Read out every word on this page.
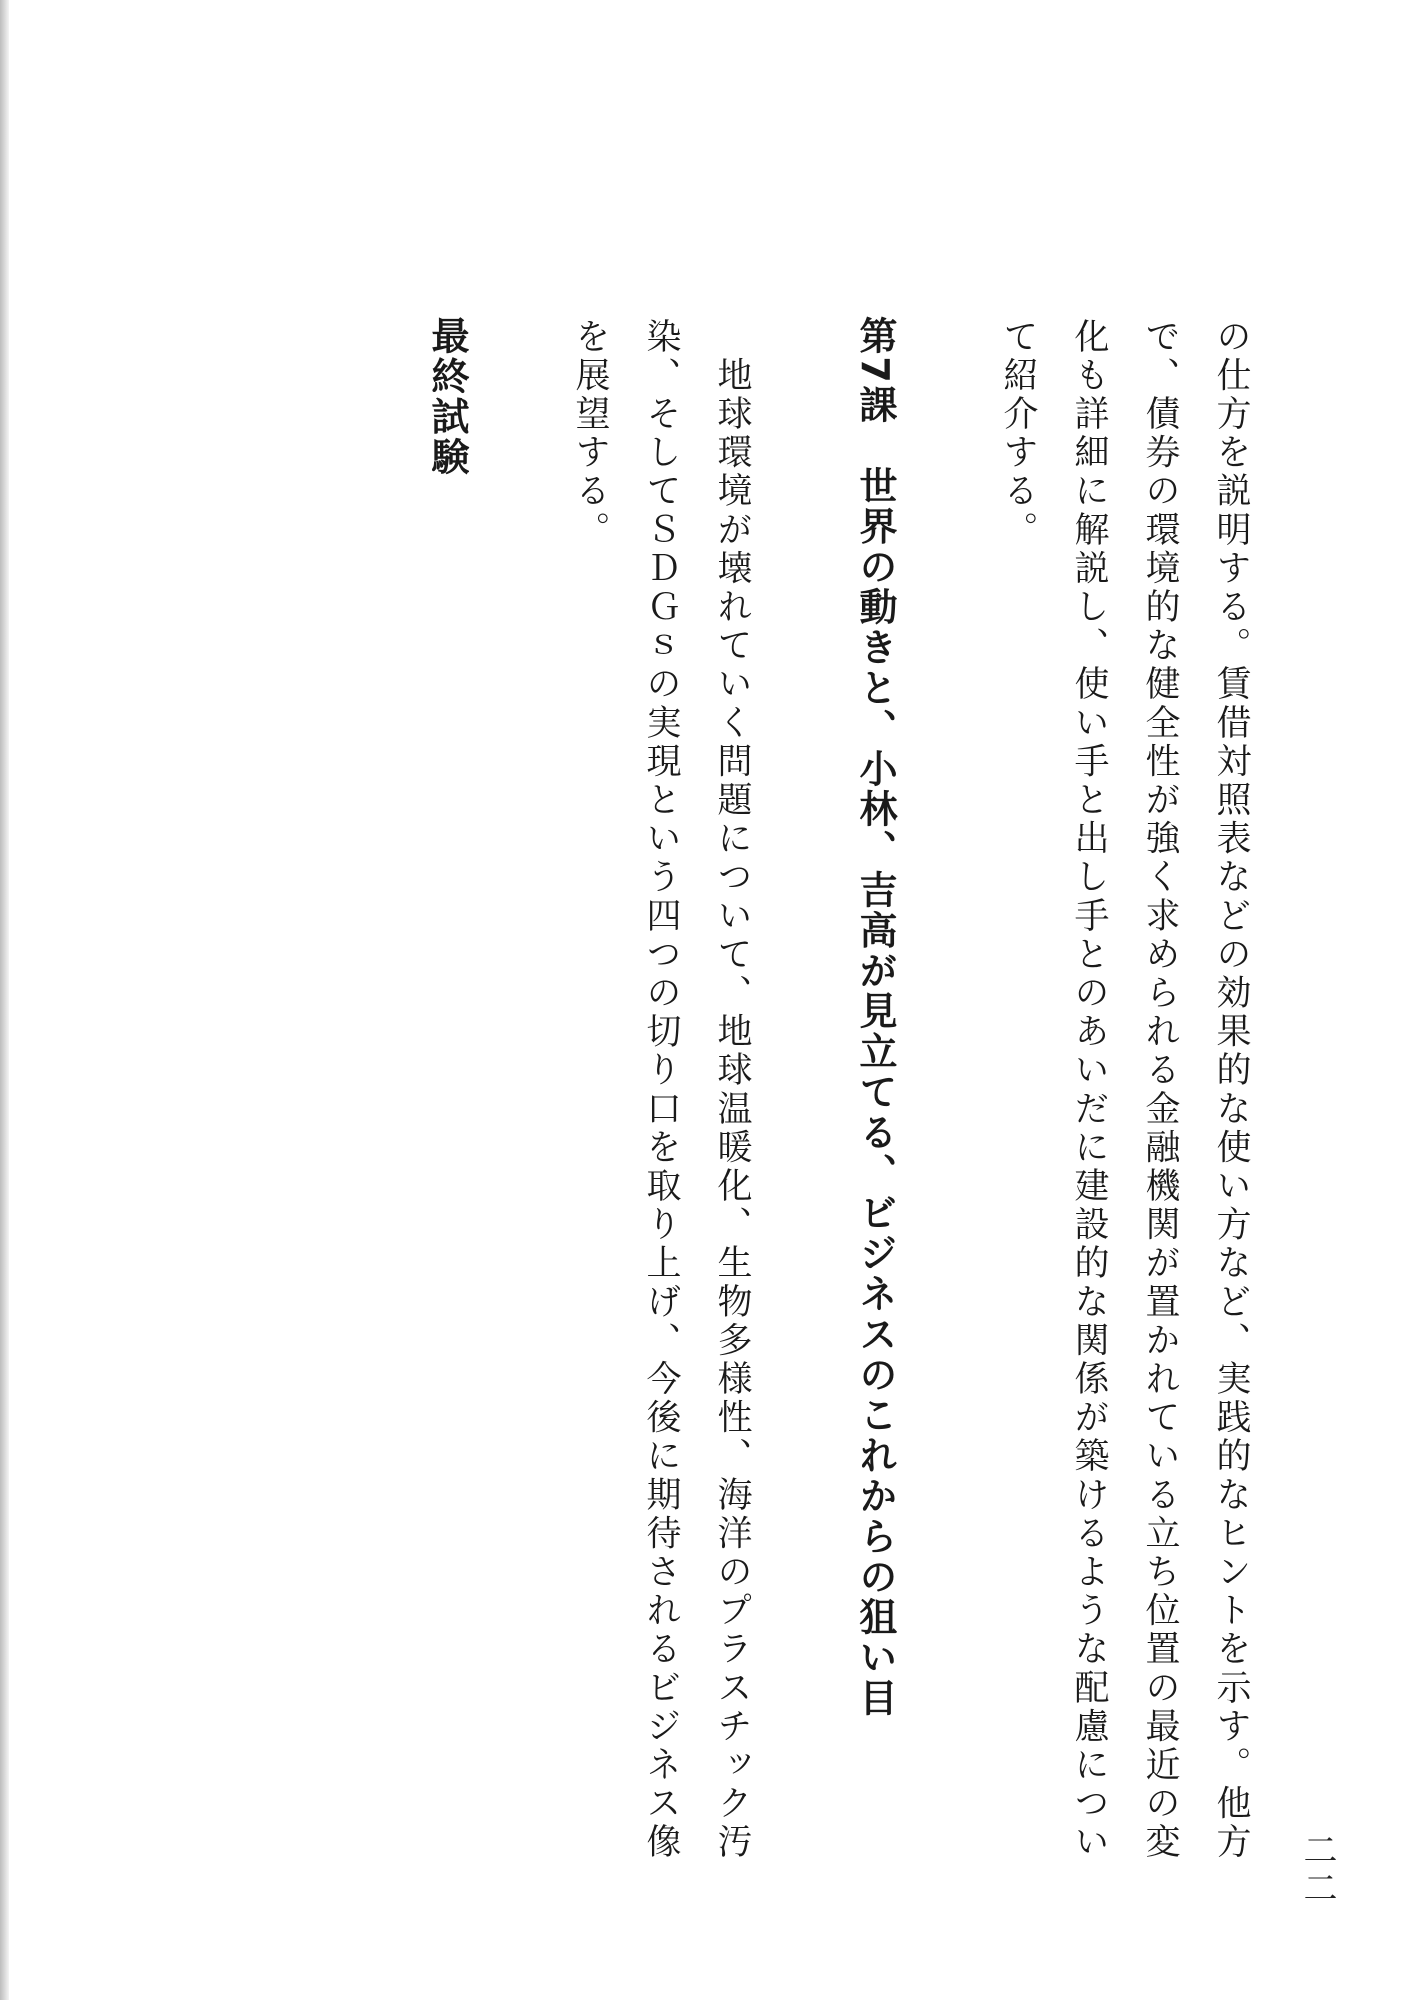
の仕方を説明する。賃借対照表などの効果的な使い方など、実践的なヒントを示す。他方
で、債券の環境的な健全性が強く求められる金融機関が置かれている立ち位置の最近の変
化も詳細に解説し、使い手と出し手とのあいだに建設的な関係が築けるような配慮につい
て紹介する。
第7課　世界の動きと、小林、吉高が見立てる、ビジネスのこれからの狙い目
　地球環境が壊れていく問題について、地球温暖化、生物多様性、海洋のプラスチック汚
染、そしてＳＤＧｓの実現という四つの切り口を取り上げ、今後に期待されるビジネス像
を展望する。
最終試験
二二
